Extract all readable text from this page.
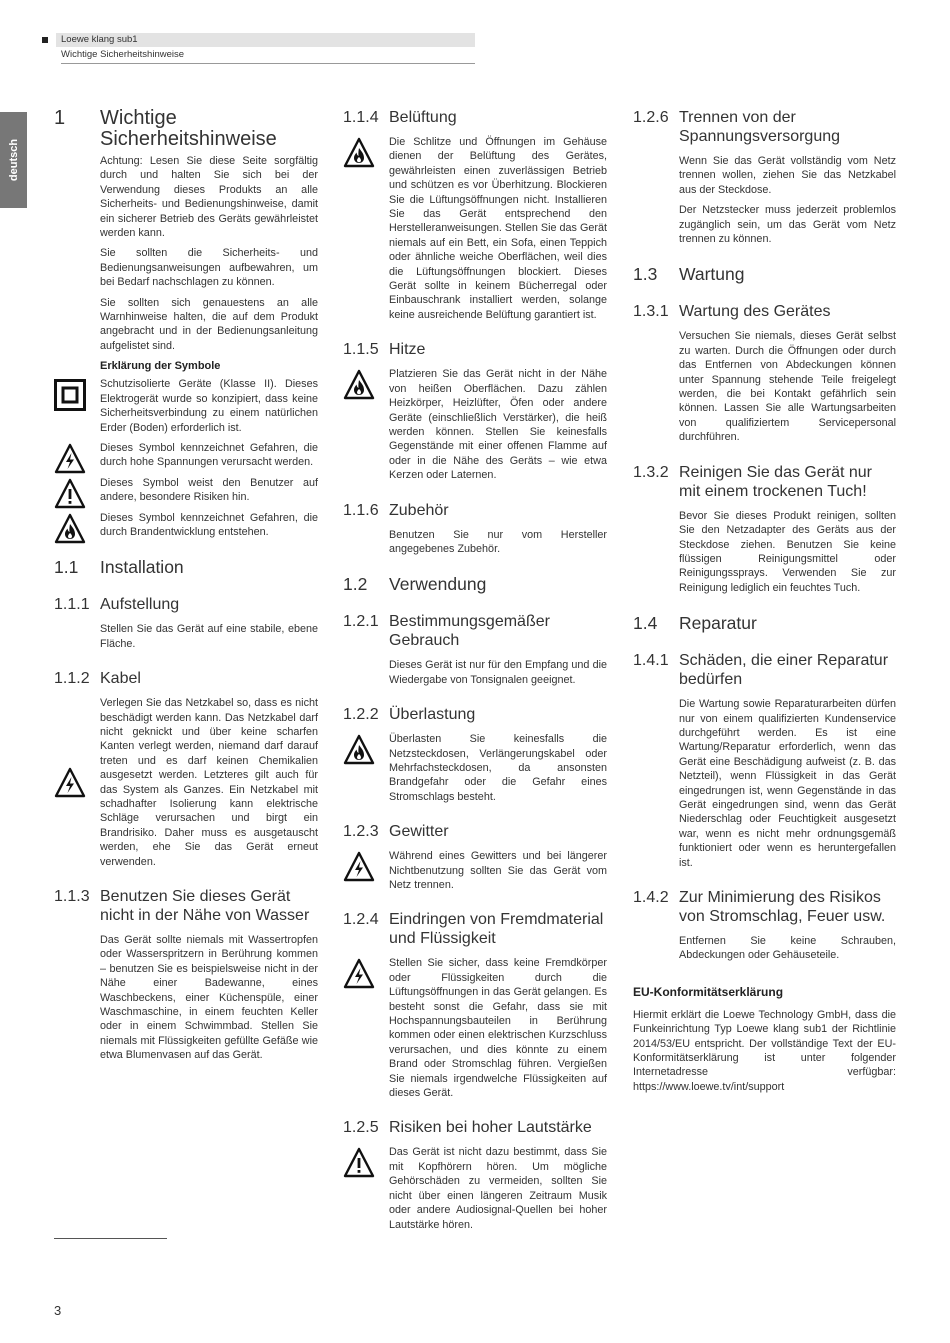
Loewe klang sub1
Wichtige Sicherheitshinweise
deutsch
1 Wichtige Sicherheitshinweise

Achtung: Lesen Sie diese Seite sorgfältig durch und halten Sie sich bei der Verwendung dieses Produkts an alle Sicherheits- und Bedienungshinweise, damit ein sicherer Betrieb des Geräts gewährleistet werden kann.

Sie sollten die Sicherheits- und Bedienungsanweisungen aufbewahren, um bei Bedarf nachschlagen zu können.

Sie sollten sich genauestens an alle Warnhinweise halten, die auf dem Produkt angebracht und in der Bedienungsanleitung aufgelistet sind.

Erklärung der Symbole

Schutzisolierte Geräte (Klasse II). Dieses Elektrogerät wurde so konzipiert, dass keine Sicherheitsverbindung zu einem natürlichen Erder (Boden) erforderlich ist.

Dieses Symbol kennzeichnet Gefahren, die durch hohe Spannungen verursacht werden.

Dieses Symbol weist den Benutzer auf andere, besondere Risiken hin.

Dieses Symbol kennzeichnet Gefahren, die durch Brandentwicklung entstehen.

1.1 Installation
1.1.1 Aufstellung

Stellen Sie das Gerät auf eine stabile, ebene Fläche.

1.1.2 Kabel

Verlegen Sie das Netzkabel so, dass es nicht beschädigt werden kann. Das Netzkabel darf nicht geknickt und über keine scharfen Kanten verlegt werden, niemand darf darauf treten und es darf keinen Chemikalien ausgesetzt werden. Letzteres gilt auch für das System als Ganzes. Ein Netzkabel mit schadhafter Isolierung kann elektrische Schläge verursachen und birgt ein Brandrisiko. Daher muss es ausgetauscht werden, ehe Sie das Gerät erneut verwenden.

1.1.3 Benutzen Sie dieses Gerät nicht in der Nähe von Wasser

Das Gerät sollte niemals mit Wassertropfen oder Wasserspritzern in Berührung kommen – benutzen Sie es beispielsweise nicht in der Nähe einer Badewanne, eines Waschbeckens, einer Küchenspüle, einer Waschmaschine, in einem feuchten Keller oder in einem Schwimmbad. Stellen Sie niemals mit Flüssigkeiten gefüllte Gefäße wie etwa Blumenvasen auf das Gerät.

1.1.4 Belüftung

Die Schlitze und Öffnungen im Gehäuse dienen der Belüftung des Gerätes, gewährleisten einen zuverlässigen Betrieb und schützen es vor Überhitzung. Blockieren Sie die Lüftungsöffnungen nicht. Installieren Sie das Gerät entsprechend den Herstelleranweisungen. Stellen Sie das Gerät niemals auf ein Bett, ein Sofa, einen Teppich oder ähnliche weiche Oberflächen, weil dies die Lüftungsöffnungen blockiert. Dieses Gerät sollte in keinem Bücherregal oder Einbauschrank installiert werden, solange keine ausreichende Belüftung garantiert ist.

1.1.5 Hitze

Platzieren Sie das Gerät nicht in der Nähe von heißen Oberflächen. Dazu zählen Heizkörper, Heizlüfter, Öfen oder andere Geräte (einschließlich Verstärker), die heiß werden können. Stellen Sie keinesfalls Gegenstände mit einer offenen Flamme auf oder in die Nähe des Geräts – wie etwa Kerzen oder Laternen.

1.1.6 Zubehör

Benutzen Sie nur vom Hersteller angegebenes Zubehör.

1.2 Verwendung
1.2.1 Bestimmungsgemäßer Gebrauch

Dieses Gerät ist nur für den Empfang und die Wiedergabe von Tonsignalen geeignet.

1.2.2 Überlastung

Überlasten Sie keinesfalls die Netzsteckdosen, Verlängerungskabel oder Mehrfachsteckdosen, da ansonsten Brandgefahr oder die Gefahr eines Stromschlags besteht.

1.2.3 Gewitter

Während eines Gewitters und bei längerer Nichtbenutzung sollten Sie das Gerät vom Netz trennen.

1.2.4 Eindringen von Fremdmaterial und Flüssigkeit

Stellen Sie sicher, dass keine Fremdkörper oder Flüssigkeiten durch die Lüftungsöffnungen in das Gerät gelangen. Es besteht sonst die Gefahr, dass sie mit Hochspannungsbauteilen in Berührung kommen oder einen elektrischen Kurzschluss verursachen, und dies könnte zu einem Brand oder Stromschlag führen. Vergießen Sie niemals irgendwelche Flüssigkeiten auf dieses Gerät.

1.2.5 Risiken bei hoher Lautstärke

Das Gerät ist nicht dazu bestimmt, dass Sie mit Kopfhörern hören. Um mögliche Gehörschäden zu vermeiden, sollten Sie nicht über einen längeren Zeitraum Musik oder andere Audiosignal-Quellen bei hoher Lautstärke hören.

1.2.6 Trennen von der Spannungsversorgung

Wenn Sie das Gerät vollständig vom Netz trennen wollen, ziehen Sie das Netzkabel aus der Steckdose.

Der Netzstecker muss jederzeit problemlos zugänglich sein, um das Gerät vom Netz trennen zu können.

1.3 Wartung
1.3.1 Wartung des Gerätes

Versuchen Sie niemals, dieses Gerät selbst zu warten. Durch die Öffnungen oder durch das Entfernen von Abdeckungen können unter Spannung stehende Teile freigelegt werden, die bei Kontakt gefährlich sein können. Lassen Sie alle Wartungsarbeiten von qualifiziertem Servicepersonal durchführen.

1.3.2 Reinigen Sie das Gerät nur mit einem trockenen Tuch!

Bevor Sie dieses Produkt reinigen, sollten Sie den Netzadapter des Geräts aus der Steckdose ziehen. Benutzen Sie keine flüssigen Reinigungsmittel oder Reinigungssprays. Verwenden Sie zur Reinigung lediglich ein feuchtes Tuch.

1.4 Reparatur
1.4.1 Schäden, die einer Reparatur bedürfen

Die Wartung sowie Reparaturarbeiten dürfen nur von einem qualifizierten Kundenservice durchgeführt werden. Es ist eine Wartung/Reparatur erforderlich, wenn das Gerät eine Beschädigung aufweist (z. B. das Netzteil), wenn Flüssigkeit in das Gerät eingedrungen ist, wenn Gegenstände in das Gerät eingedrungen sind, wenn das Gerät Niederschlag oder Feuchtigkeit ausgesetzt war, wenn es nicht mehr ordnungsgemäß funktioniert oder wenn es heruntergefallen ist.

1.4.2 Zur Minimierung des Risikos von Stromschlag, Feuer usw.

Entfernen Sie keine Schrauben, Abdeckungen oder Gehäuseteile.

EU-Konformitätserklärung

Hiermit erklärt die Loewe Technology GmbH, dass die Funkeinrichtung Typ Loewe klang sub1 der Richtlinie 2014/53/EU entspricht. Der vollständige Text der EU-Konformitätserklärung ist unter folgender Internetadresse verfügbar: https://www.loewe.tv/int/support

3
